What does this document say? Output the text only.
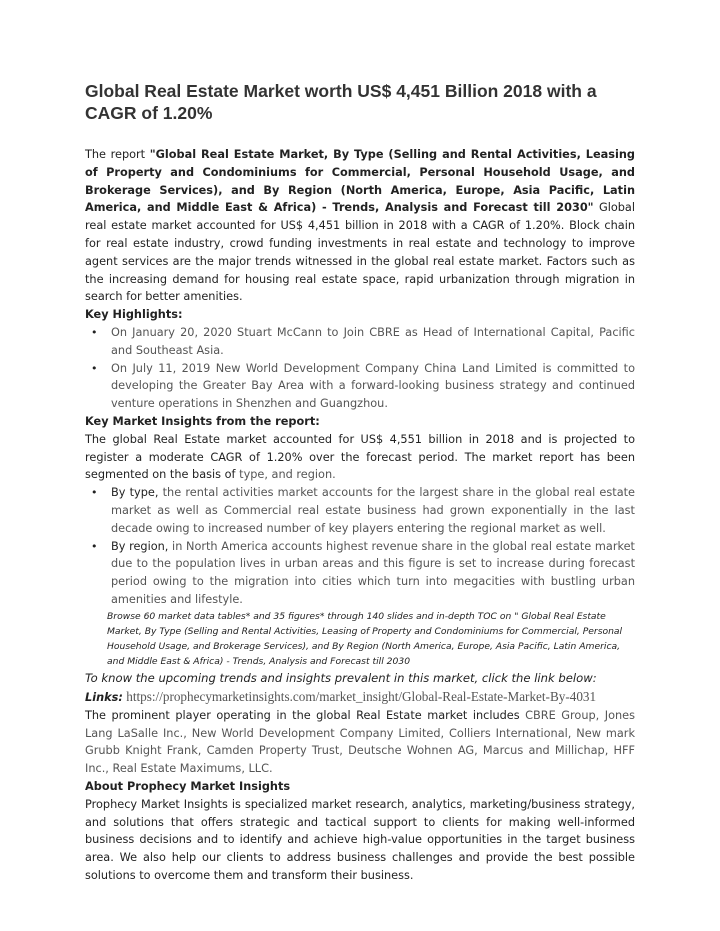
Global Real Estate Market worth US$ 4,451 Billion 2018 with a CAGR of 1.20%

The report "Global Real Estate Market, By Type (Selling and Rental Activities, Leasing of Property and Condominiums for Commercial, Personal Household Usage, and Brokerage Services), and By Region (North America, Europe, Asia Pacific, Latin America, and Middle East & Africa) - Trends, Analysis and Forecast till 2030" Global real estate market accounted for US$ 4,451 billion in 2018 with a CAGR of 1.20%. Block chain for real estate industry, crowd funding investments in real estate and technology to improve agent services are the major trends witnessed in the global real estate market. Factors such as the increasing demand for housing real estate space, rapid urbanization through migration in search for better amenities.

Key Highlights:
• On January 20, 2020 Stuart McCann to Join CBRE as Head of International Capital, Pacific and Southeast Asia.
• On July 11, 2019 New World Development Company China Land Limited is committed to developing the Greater Bay Area with a forward-looking business strategy and continued venture operations in Shenzhen and Guangzhou.
Key Market Insights from the report:

The global Real Estate market accounted for US$ 4,551 billion in 2018 and is projected to register a moderate CAGR of 1.20% over the forecast period. The market report has been segmented on the basis of type, and region.

• By type, the rental activities market accounts for the largest share in the global real estate market as well as Commercial real estate business had grown exponentially in the last decade owing to increased number of key players entering the regional market as well.
• By region, in North America accounts highest revenue share in the global real estate market due to the population lives in urban areas and this figure is set to increase during forecast period owing to the migration into cities which turn into megacities with bustling urban amenities and lifestyle.

Browse 60 market data tables* and 35 figures* through 140 slides and in-depth TOC on " Global Real Estate Market, By Type (Selling and Rental Activities, Leasing of Property and Condominiums for Commercial, Personal Household Usage, and Brokerage Services), and By Region (North America, Europe, Asia Pacific, Latin America, and Middle East & Africa) - Trends, Analysis and Forecast till 2030

To know the upcoming trends and insights prevalent in this market, click the link below:

Links: https://prophecymarketinsights.com/market_insight/Global-Real-Estate-Market-By-4031

The prominent player operating in the global Real Estate market includes CBRE Group, Jones Lang LaSalle Inc., New World Development Company Limited, Colliers International, New mark Grubb Knight Frank, Camden Property Trust, Deutsche Wohnen AG, Marcus and Millichap, HFF Inc., Real Estate Maximums, LLC.

About Prophecy Market Insights

Prophecy Market Insights is specialized market research, analytics, marketing/business strategy, and solutions that offers strategic and tactical support to clients for making well-informed business decisions and to identify and achieve high-value opportunities in the target business area. We also help our clients to address business challenges and provide the best possible solutions to overcome them and transform their business.
